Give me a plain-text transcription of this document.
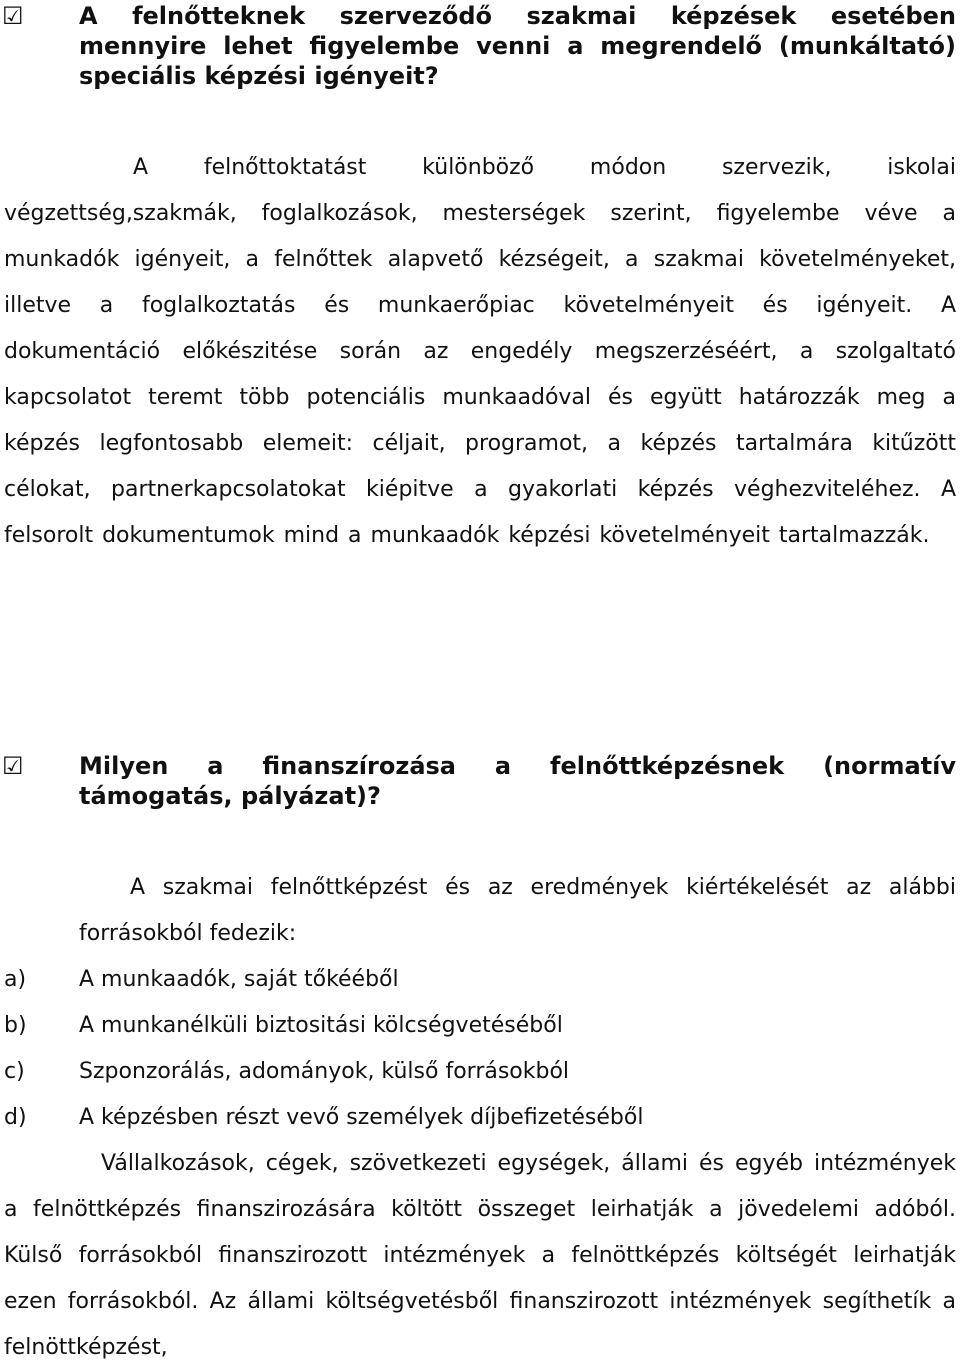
☑	A felnőtteknek szerveződő szakmai képzések esetében mennyire lehet figyelembe venni a megrendelő (munkáltató) speciális képzési igényeit?
A felnőttoktatást különböző módon szervezik, iskolai végzettség,szakmák, foglalkozások, mesterségek szerint, figyelembe véve a munkadók igényeit, a felnőttek alapvető kézségeit, a szakmai követelményeket, illetve a foglalkoztatás és munkaerőpiac követelményeit és igényeit. A dokumentáció előkészitése során az engedély megszerzéséért, a szolgaltató kapcsolatot teremt több potenciális munkaadóval és együtt határozzák meg a képzés legfontosabb elemeit: céljait, programot, a képzés tartalmára kitűzött célokat, partnerkapcsolatokat kiépitve a gyakorlati képzés véghezviteléhez. A felsorolt dokumentumok mind a munkaadók képzési követelményeit tartalmazzák.
☑	Milyen a finanszírozása a felnőttképzésnek (normatív támogatás, pályázat)?
A szakmai felnőttképzést és az eredmények kiértékelését az alábbi forrásokból fedezik:
a) A munkaadók, saját tőkééből
b) A munkanélküli biztositási kölcségvetéséből
c) Szponzorálás, adományok, külső forrásokból
d) A képzésben részt vevő személyek díjbefizetéséből
Vállalkozások, cégek, szövetkezeti egységek, állami és egyéb intézmények a felnöttképzés finanszirozására költött összeget leirhatják a jövedelemi adóból. Külső forrásokból finanszirozott intézmények a felnöttképzés költségét leirhatják ezen forrásokból. Az állami költségvetésből finanszirozott intézmények segíthetík a felnöttképzést,
